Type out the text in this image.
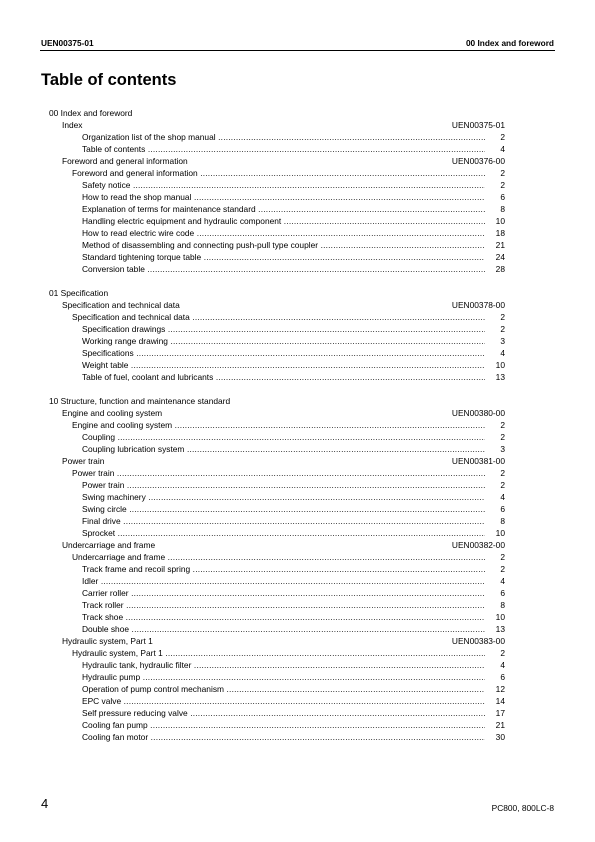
UEN00375-01	00 Index and foreword
Table of contents
00 Index and foreword
Index	UEN00375-01
Organization list of the shop manual .....	2
Table of contents .....	4
Foreword and general information	UEN00376-00
Foreword and general information .....	2
Safety notice .....	2
How to read the shop manual .....	6
Explanation of terms for maintenance standard .....	8
Handling electric equipment and hydraulic component .....	10
How to read electric wire code .....	18
Method of disassembling and connecting push-pull type coupler .....	21
Standard tightening torque table .....	24
Conversion table .....	28
01 Specification
Specification and technical data	UEN00378-00
Specification and technical data .....	2
Specification drawings .....	2
Working range drawing .....	3
Specifications .....	4
Weight table .....	10
Table of fuel, coolant and lubricants .....	13
10 Structure, function and maintenance standard
Engine and cooling system	UEN00380-00
Engine and cooling system .....	2
Coupling .....	2
Coupling lubrication system .....	3
Power train	UEN00381-00
Power train .....	2
Power train .....	2
Swing machinery .....	4
Swing circle .....	6
Final drive .....	8
Sprocket .....	10
Undercarriage and frame	UEN00382-00
Undercarriage and frame .....	2
Track frame and recoil spring .....	2
Idler .....	4
Carrier roller .....	6
Track roller .....	8
Track shoe .....	10
Double shoe .....	13
Hydraulic system, Part 1	UEN00383-00
Hydraulic system, Part 1 .....	2
Hydraulic tank, hydraulic filter .....	4
Hydraulic pump .....	6
Operation of pump control mechanism .....	12
EPC valve .....	14
Self pressure reducing valve .....	17
Cooling fan pump .....	21
Cooling fan motor .....	30
4	PC800, 800LC-8
